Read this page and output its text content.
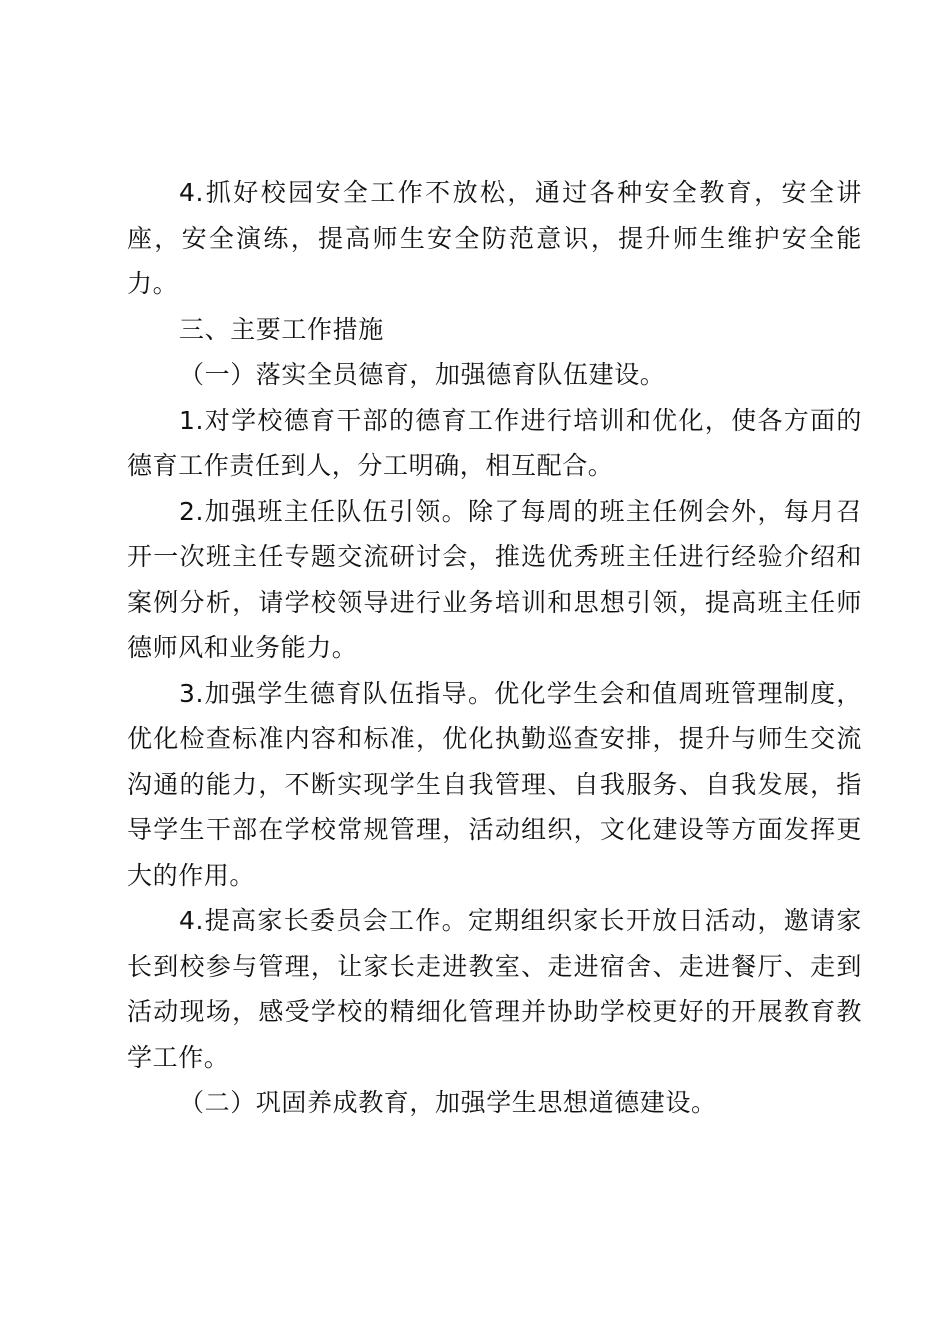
4.抓好校园安全工作不放松，通过各种安全教育，安全讲座，安全演练，提高师生安全防范意识，提升师生维护安全能力。

三、主要工作措施

（一）落实全员德育，加强德育队伍建设。

1.对学校德育干部的德育工作进行培训和优化，使各方面的德育工作责任到人，分工明确，相互配合。

2.加强班主任队伍引领。除了每周的班主任例会外，每月召开一次班主任专题交流研讨会，推选优秀班主任进行经验介绍和案例分析，请学校领导进行业务培训和思想引领，提高班主任师德师风和业务能力。

3.加强学生德育队伍指导。优化学生会和值周班管理制度，优化检查标准内容和标准，优化执勤巡查安排，提升与师生交流沟通的能力，不断实现学生自我管理、自我服务、自我发展，指导学生干部在学校常规管理，活动组织，文化建设等方面发挥更大的作用。

4.提高家长委员会工作。定期组织家长开放日活动，邀请家长到校参与管理，让家长走进教室、走进宿舍、走进餐厅、走到活动现场，感受学校的精细化管理并协助学校更好的开展教育教学工作。

（二）巩固养成教育，加强学生思想道德建设。
